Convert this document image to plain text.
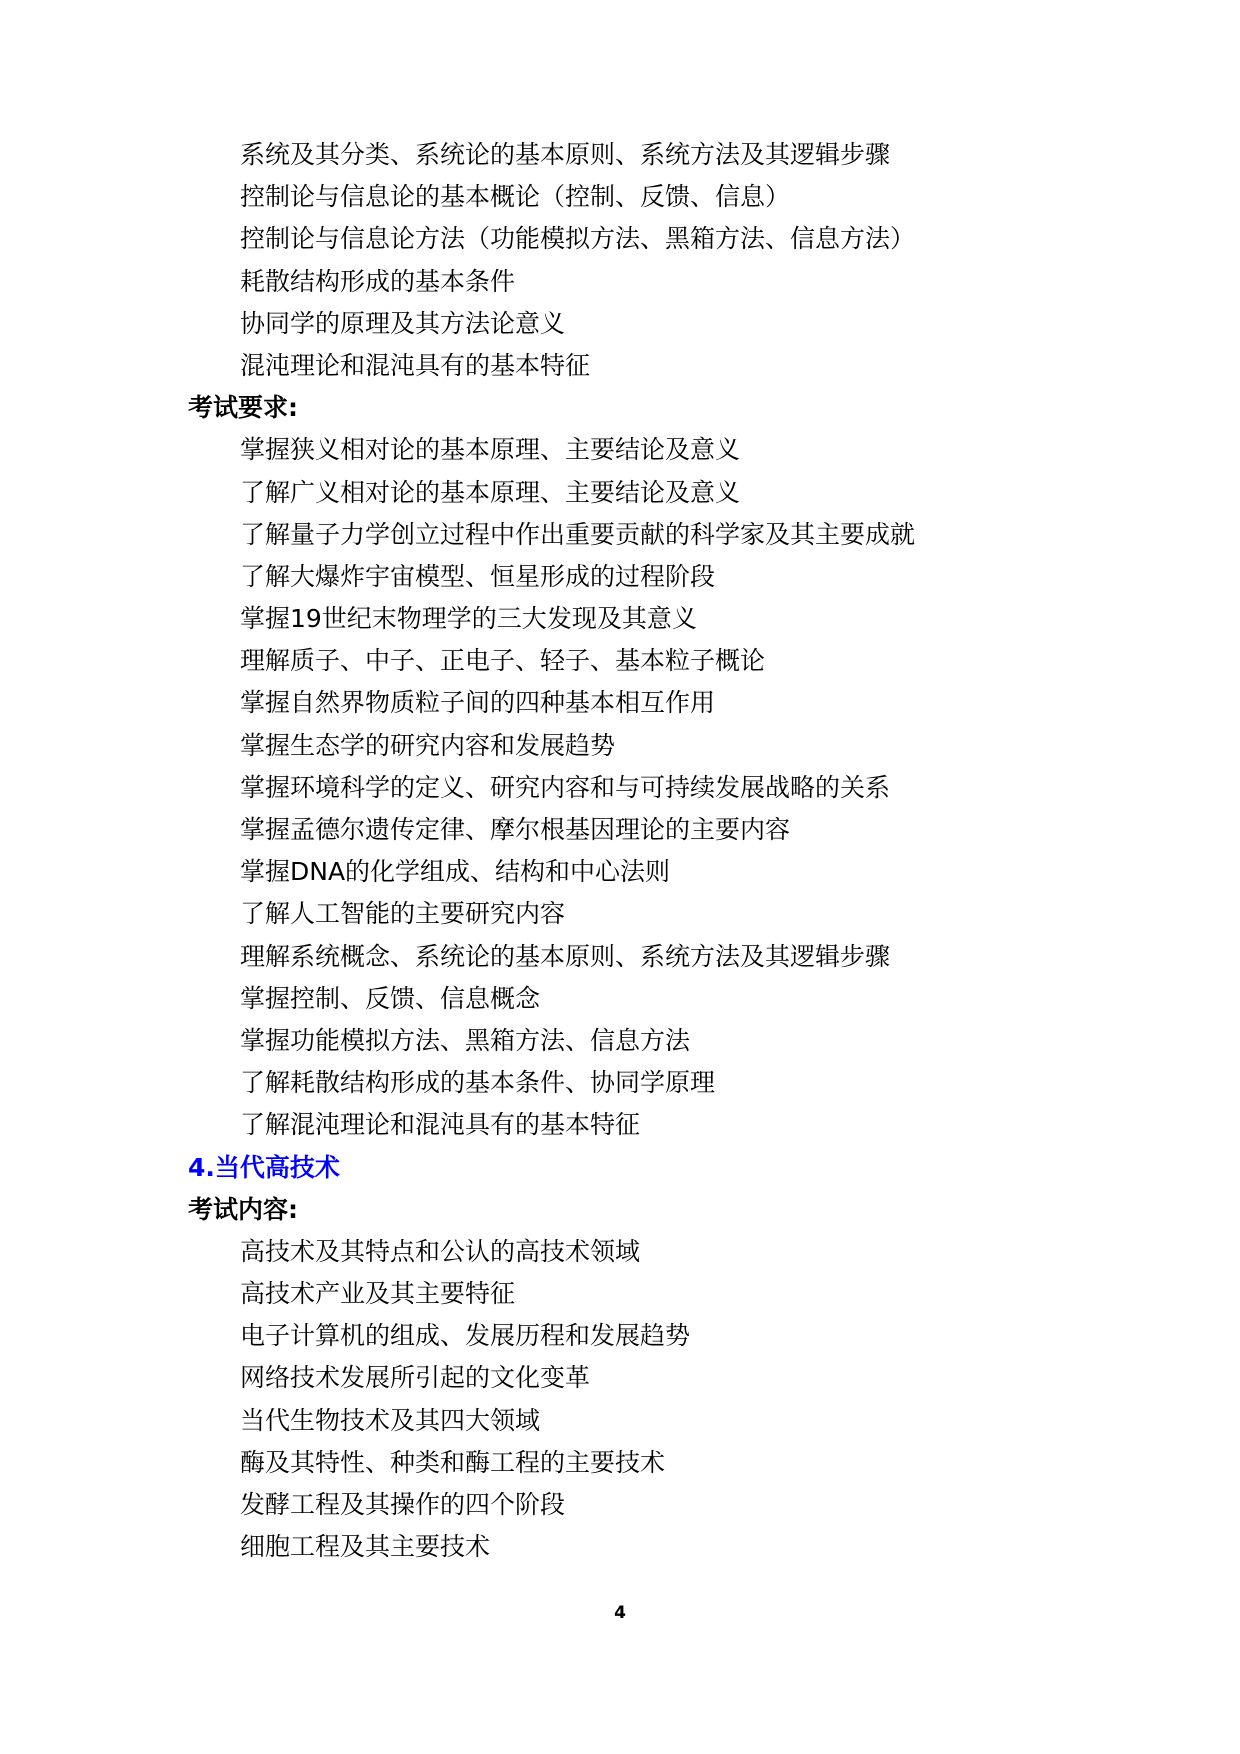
系统及其分类、系统论的基本原则、系统方法及其逻辑步骤
控制论与信息论的基本概论（控制、反馈、信息）
控制论与信息论方法（功能模拟方法、黑箱方法、信息方法）
耗散结构形成的基本条件
协同学的原理及其方法论意义
混沌理论和混沌具有的基本特征
考试要求:
掌握狭义相对论的基本原理、主要结论及意义
了解广义相对论的基本原理、主要结论及意义
了解量子力学创立过程中作出重要贡献的科学家及其主要成就
了解大爆炸宇宙模型、恒星形成的过程阶段
掌握19世纪末物理学的三大发现及其意义
理解质子、中子、正电子、轻子、基本粒子概论
掌握自然界物质粒子间的四种基本相互作用
掌握生态学的研究内容和发展趋势
掌握环境科学的定义、研究内容和与可持续发展战略的关系
掌握孟德尔遗传定律、摩尔根基因理论的主要内容
掌握DNA的化学组成、结构和中心法则
了解人工智能的主要研究内容
理解系统概念、系统论的基本原则、系统方法及其逻辑步骤
掌握控制、反馈、信息概念
掌握功能模拟方法、黑箱方法、信息方法
了解耗散结构形成的基本条件、协同学原理
了解混沌理论和混沌具有的基本特征
4.当代高技术
考试内容:
高技术及其特点和公认的高技术领域
高技术产业及其主要特征
电子计算机的组成、发展历程和发展趋势
网络技术发展所引起的文化变革
当代生物技术及其四大领域
酶及其特性、种类和酶工程的主要技术
发酵工程及其操作的四个阶段
细胞工程及其主要技术
4
